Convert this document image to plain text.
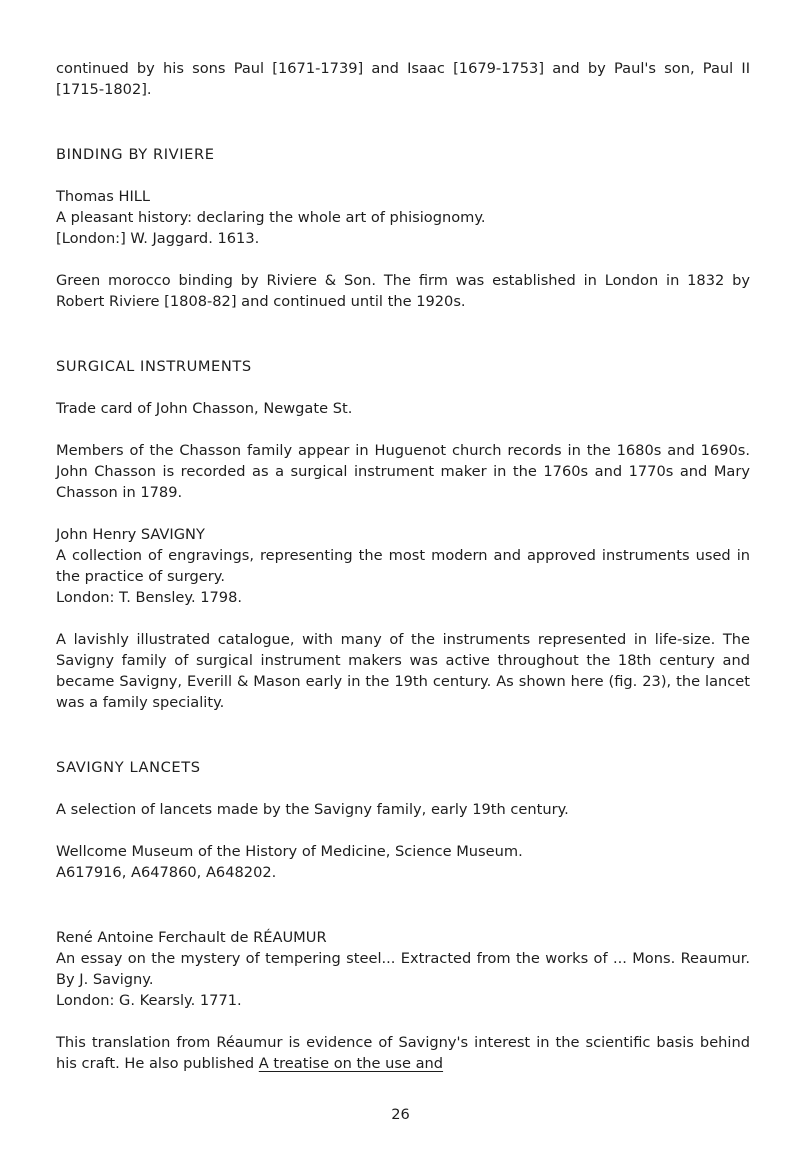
continued by his sons Paul [1671-1739] and Isaac [1679-1753] and by Paul's son, Paul II [1715-1802].

BINDING BY RIVIERE

Thomas HILL

A pleasant history: declaring the whole art of phisiognomy.

[London:] W. Jaggard. 1613.

Green morocco binding by Riviere & Son. The firm was established in London in 1832 by Robert Riviere [1808-82] and continued until the 1920s.

SURGICAL INSTRUMENTS

Trade card of John Chasson, Newgate St.

Members of the Chasson family appear in Huguenot church records in the 1680s and 1690s. John Chasson is recorded as a surgical instrument maker in the 1760s and 1770s and Mary Chasson in 1789.

John Henry SAVIGNY

A collection of engravings, representing the most modern and approved instruments used in the practice of surgery.

London: T. Bensley. 1798.

A lavishly illustrated catalogue, with many of the instruments represented in life-size. The Savigny family of surgical instrument makers was active throughout the 18th century and became Savigny, Everill & Mason early in the 19th century. As shown here (fig. 23), the lancet was a family speciality.

SAVIGNY LANCETS

A selection of lancets made by the Savigny family, early 19th century.

Wellcome Museum of the History of Medicine, Science Museum.

A617916, A647860, A648202.

René Antoine Ferchault de RÉAUMUR

An essay on the mystery of tempering steel... Extracted from the works of ... Mons. Reaumur. By J. Savigny.

London: G. Kearsly. 1771.

This translation from Réaumur is evidence of Savigny's interest in the scientific basis behind his craft. He also published A treatise on the use and

26
